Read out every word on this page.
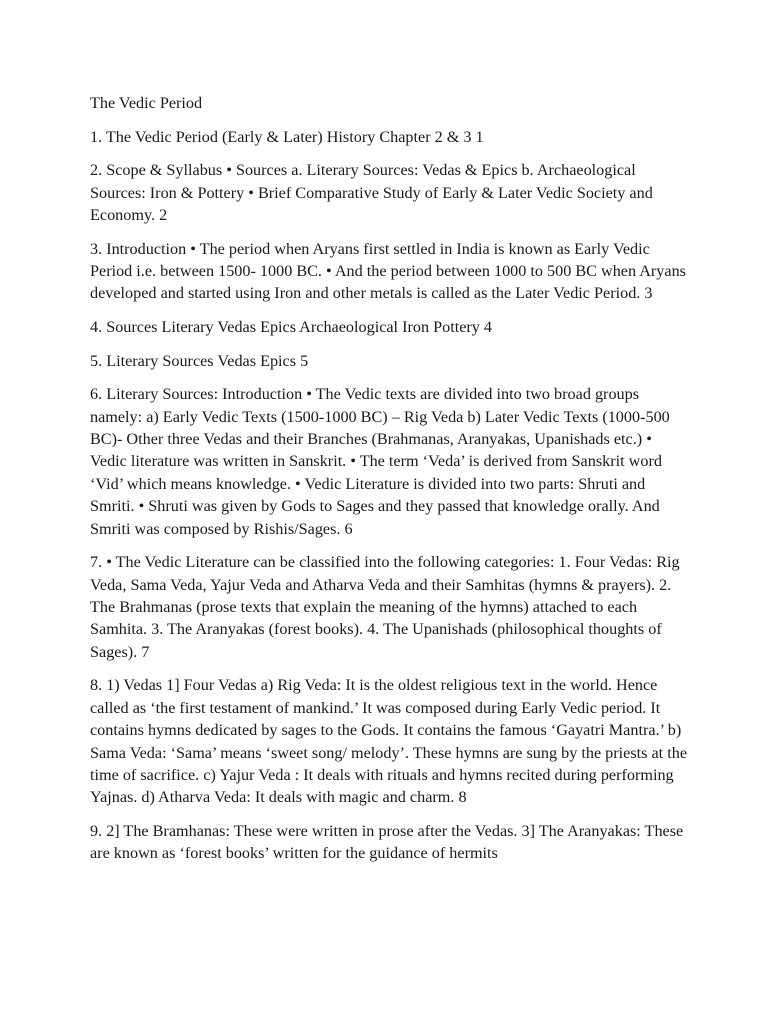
The Vedic Period

1. The Vedic Period (Early & Later) History Chapter 2 & 3 1

2. Scope & Syllabus • Sources a. Literary Sources: Vedas & Epics b. Archaeological Sources: Iron & Pottery • Brief Comparative Study of Early & Later Vedic Society and Economy. 2

3. Introduction • The period when Aryans first settled in India is known as Early Vedic Period i.e. between 1500- 1000 BC. • And the period between 1000 to 500 BC when Aryans developed and started using Iron and other metals is called as the Later Vedic Period. 3

4. Sources Literary Vedas Epics Archaeological Iron Pottery 4

5. Literary Sources Vedas Epics 5

6. Literary Sources: Introduction • The Vedic texts are divided into two broad groups namely: a) Early Vedic Texts (1500-1000 BC) – Rig Veda b) Later Vedic Texts (1000-500 BC)- Other three Vedas and their Branches (Brahmanas, Aranyakas, Upanishads etc.) • Vedic literature was written in Sanskrit. • The term ‘Veda’ is derived from Sanskrit word ‘Vid’ which means knowledge. • Vedic Literature is divided into two parts: Shruti and Smriti. • Shruti was given by Gods to Sages and they passed that knowledge orally. And Smriti was composed by Rishis/Sages. 6

7. • The Vedic Literature can be classified into the following categories: 1. Four Vedas: Rig Veda, Sama Veda, Yajur Veda and Atharva Veda and their Samhitas (hymns & prayers). 2. The Brahmanas (prose texts that explain the meaning of the hymns) attached to each Samhita. 3. The Aranyakas (forest books). 4. The Upanishads (philosophical thoughts of Sages). 7

8. 1) Vedas 1] Four Vedas a) Rig Veda: It is the oldest religious text in the world. Hence called as ‘the first testament of mankind.’ It was composed during Early Vedic period. It contains hymns dedicated by sages to the Gods. It contains the famous ‘Gayatri Mantra.’ b) Sama Veda: ‘Sama’ means ‘sweet song/ melody’. These hymns are sung by the priests at the time of sacrifice. c) Yajur Veda : It deals with rituals and hymns recited during performing Yajnas. d) Atharva Veda: It deals with magic and charm. 8

9. 2] The Bramhanas: These were written in prose after the Vedas. 3] The Aranyakas: These are known as ‘forest books’ written for the guidance of hermits
